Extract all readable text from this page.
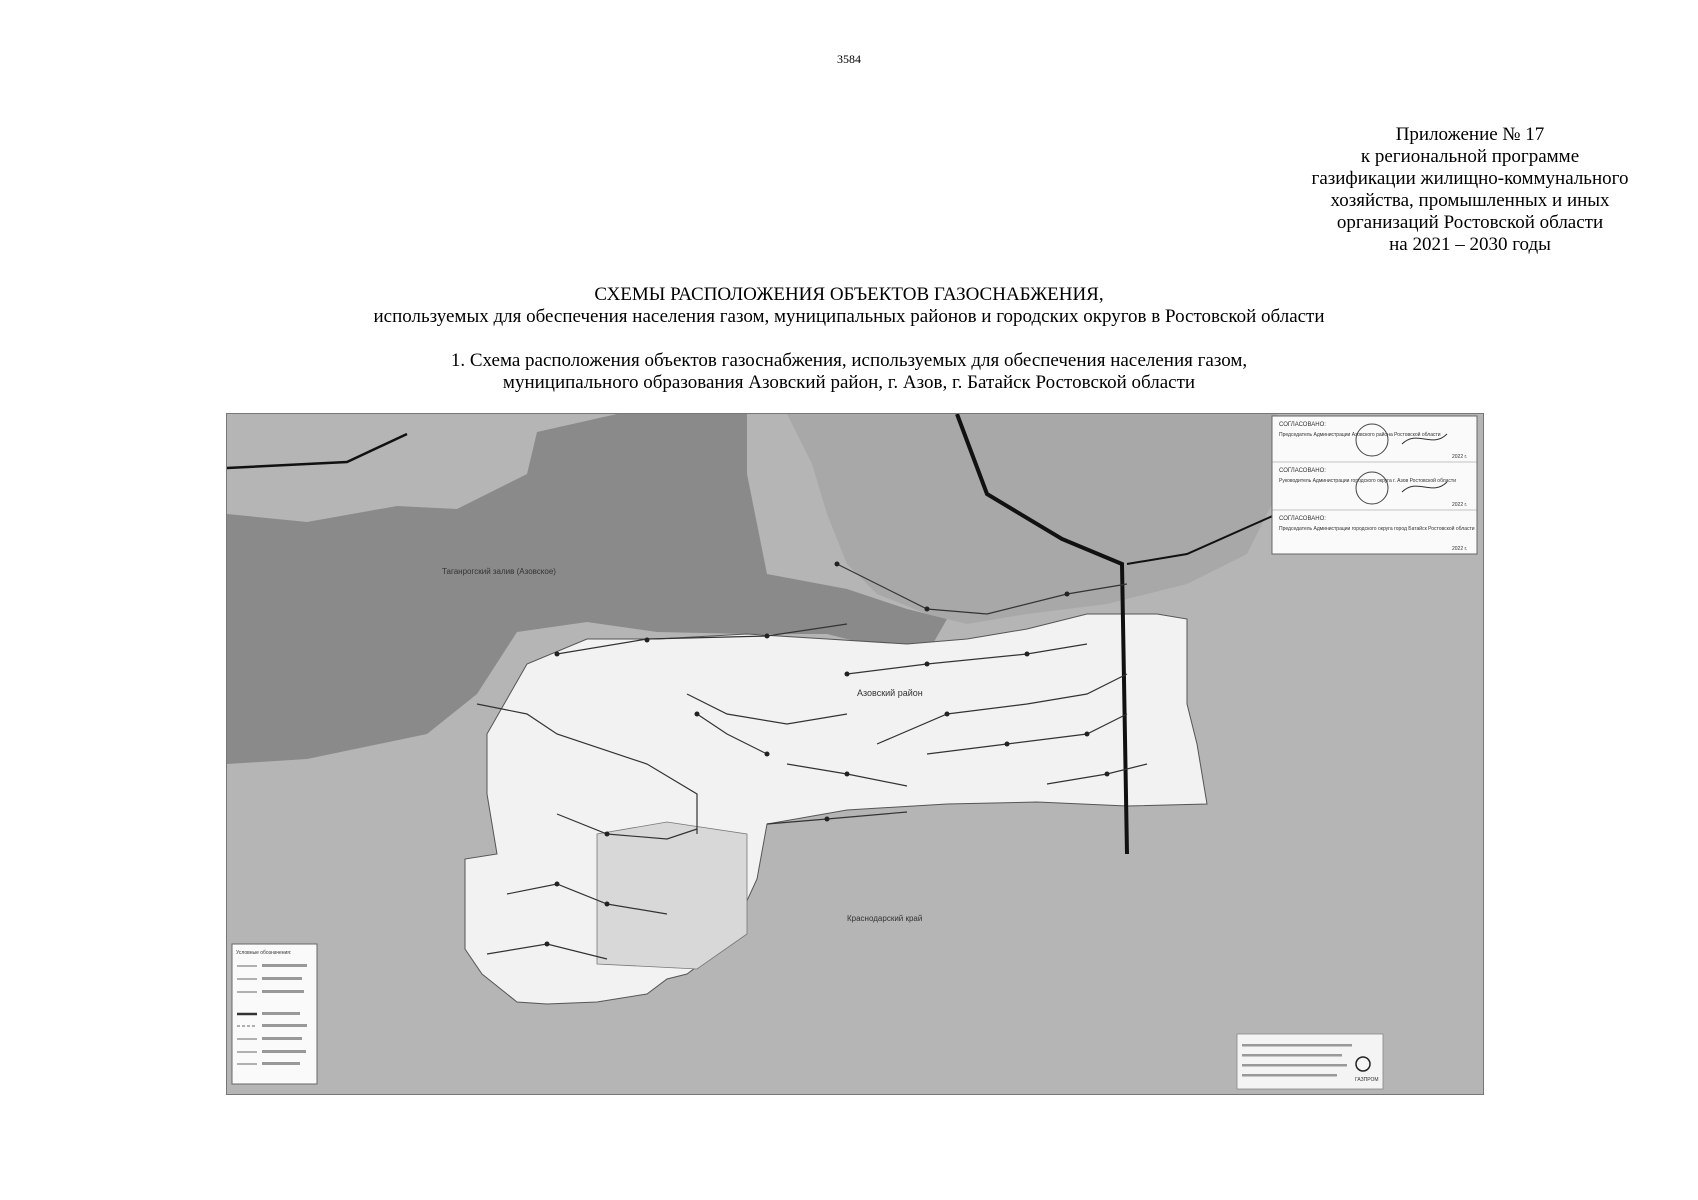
3584
Приложение № 17
к региональной программе
газификации жилищно-коммунального
хозяйства, промышленных и иных
организаций Ростовской области
на 2021 – 2030 годы
СХЕМЫ РАСПОЛОЖЕНИЯ ОБЪЕКТОВ ГАЗОСНАБЖЕНИЯ,
используемых для обеспечения населения газом, муниципальных районов и городских округов в Ростовской области
1. Схема расположения объектов газоснабжения, используемых для обеспечения населения газом,
муниципального образования Азовский район, г. Азов, г. Батайск Ростовской области
Азовский район
Таганрогский залив (Азовское)
Краснодарский край
СОГЛАСОВАНО:
Председатель Администрации Азовского района Ростовской области
2022 г.
СОГЛАСОВАНО:
Руководитель Администрации городского округа г. Азов Ростовской области
2022 г.
СОГЛАСОВАНО:
Председатель Администрации городского округа город Батайск Ростовской области
2022 г.
Условные обозначения:
ГАЗПРОМ
